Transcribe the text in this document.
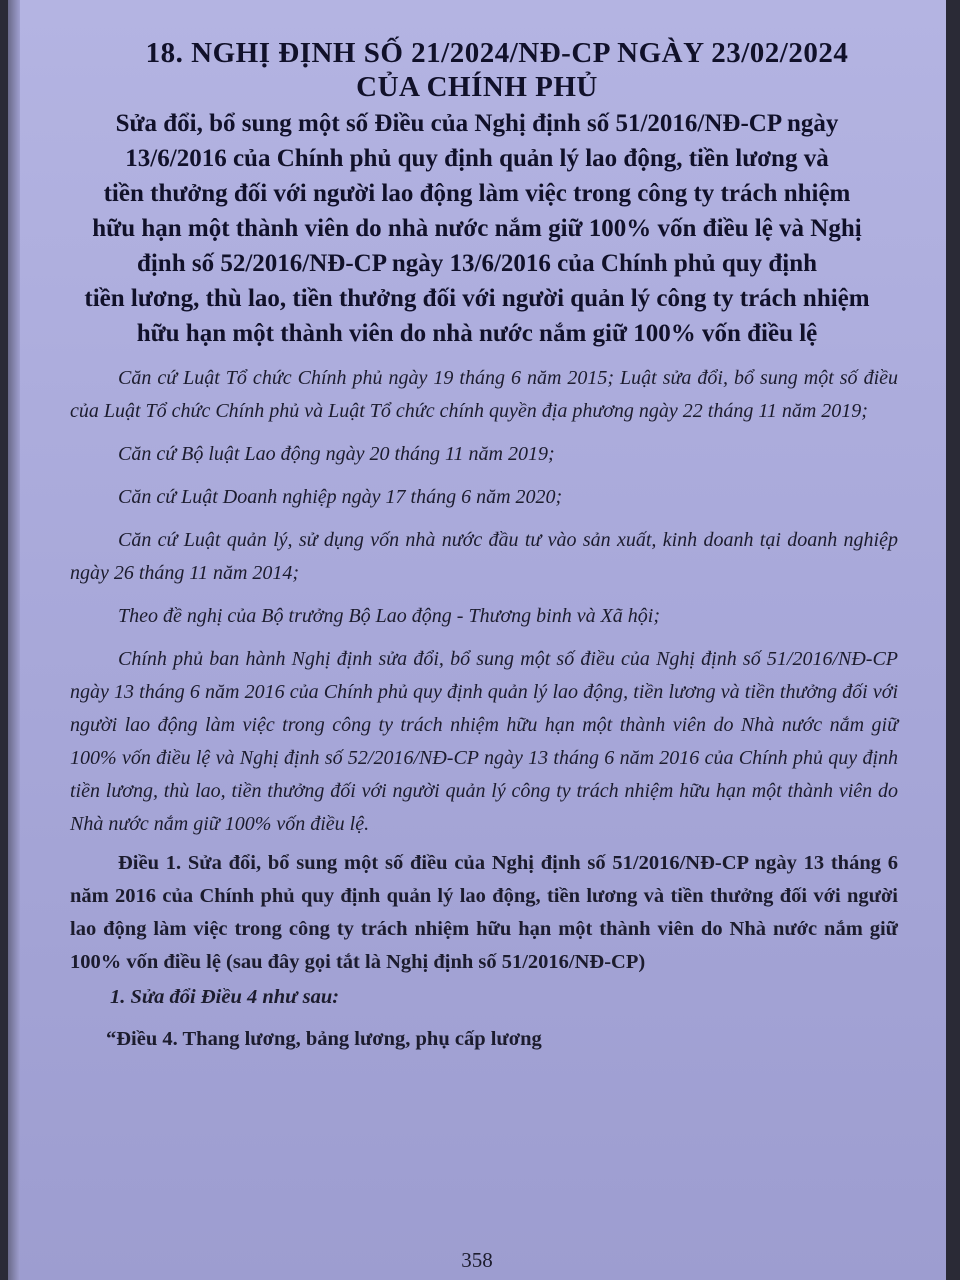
18. NGHỊ ĐỊNH SỐ 21/2024/NĐ-CP NGÀY 23/02/2024

CỦA CHÍNH PHỦ

Sửa đổi, bổ sung một số Điều của Nghị định số 51/2016/NĐ-CP ngày

13/6/2016 của Chính phủ quy định quản lý lao động, tiền lương và

tiền thưởng đối với người lao động làm việc trong công ty trách nhiệm

hữu hạn một thành viên do nhà nước nắm giữ 100% vốn điều lệ và Nghị

định số 52/2016/NĐ-CP ngày 13/6/2016 của Chính phủ quy định

tiền lương, thù lao, tiền thưởng đối với người quản lý công ty trách nhiệm

hữu hạn một thành viên do nhà nước nắm giữ 100% vốn điều lệ

Căn cứ Luật Tổ chức Chính phủ ngày 19 tháng 6 năm 2015; Luật sửa đổi, bổ sung một số điều của Luật Tổ chức Chính phủ và Luật Tổ chức chính quyền địa phương ngày 22 tháng 11 năm 2019;

Căn cứ Bộ luật Lao động ngày 20 tháng 11 năm 2019;

Căn cứ Luật Doanh nghiệp ngày 17 tháng 6 năm 2020;

Căn cứ Luật quản lý, sử dụng vốn nhà nước đầu tư vào sản xuất, kinh doanh tại doanh nghiệp ngày 26 tháng 11 năm 2014;

Theo đề nghị của Bộ trưởng Bộ Lao động - Thương binh và Xã hội;

Chính phủ ban hành Nghị định sửa đổi, bổ sung một số điều của Nghị định số 51/2016/NĐ-CP ngày 13 tháng 6 năm 2016 của Chính phủ quy định quản lý lao động, tiền lương và tiền thưởng đối với người lao động làm việc trong công ty trách nhiệm hữu hạn một thành viên do Nhà nước nắm giữ 100% vốn điều lệ và Nghị định số 52/2016/NĐ-CP ngày 13 tháng 6 năm 2016 của Chính phủ quy định tiền lương, thù lao, tiền thưởng đối với người quản lý công ty trách nhiệm hữu hạn một thành viên do Nhà nước nắm giữ 100% vốn điều lệ.

Điều 1. Sửa đổi, bổ sung một số điều của Nghị định số 51/2016/NĐ-CP ngày 13 tháng 6 năm 2016 của Chính phủ quy định quản lý lao động, tiền lương và tiền thưởng đối với người lao động làm việc trong công ty trách nhiệm hữu hạn một thành viên do Nhà nước nắm giữ 100% vốn điều lệ (sau đây gọi tắt là Nghị định số 51/2016/NĐ-CP)

1. Sửa đổi Điều 4 như sau:

“Điều 4. Thang lương, bảng lương, phụ cấp lương

358
